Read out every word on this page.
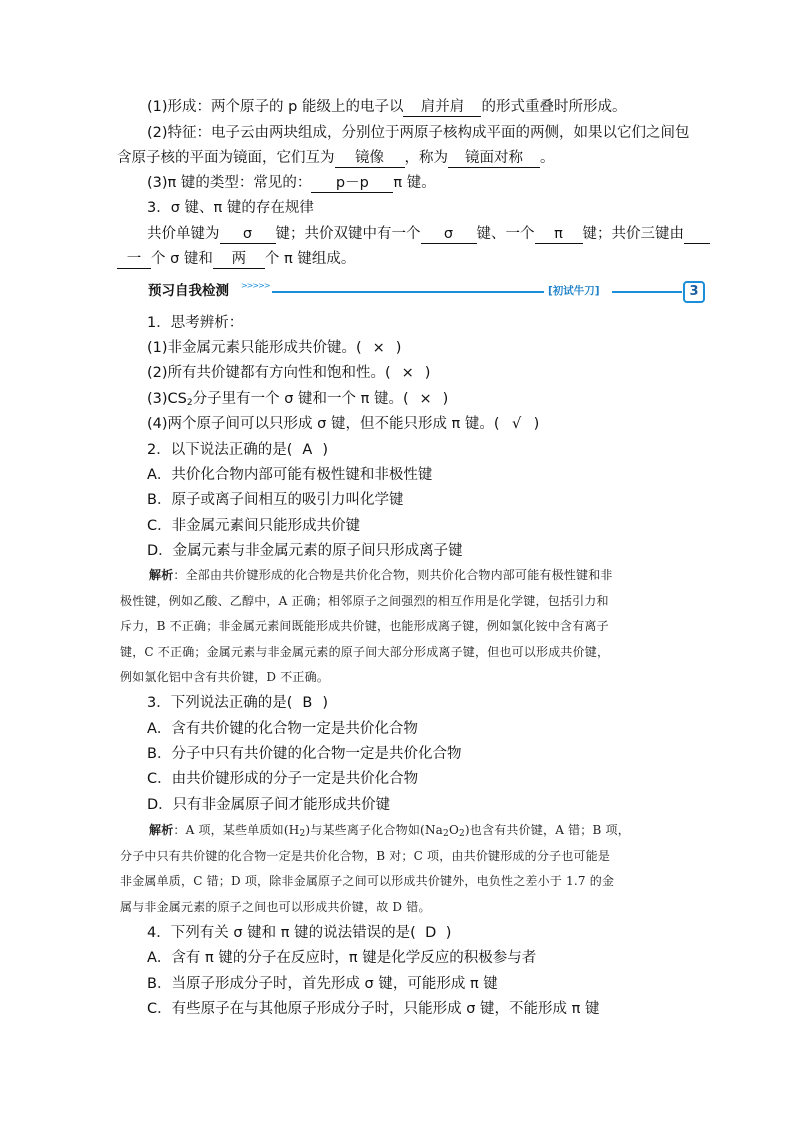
(1)形成：两个原子的 p 能级上的电子以 肩并肩 的形式重叠时所形成。
(2)特征：电子云由两块组成，分别位于两原子核构成平面的两侧，如果以它们之间包
含原子核的平面为镜面，它们互为 镜像 ，称为 镜面对称 。
(3)π 键的类型：常见的： p－p π 键。
3．σ 键、π 键的存在规律
共价单键为 σ 键；共价双键中有一个 σ 键、一个 π 键；共价三键由
一 个 σ 键和 两 个 π 键组成。
预习自我检测 >>>>>	[初试牛刀]	3
1．思考辨析：
(1)非金属元素只能形成共价键。( × )
(2)所有共价键都有方向性和饱和性。( × )
$(3)CS_2$分子里有一个 σ 键和一个 π 键。( × )
(4)两个原子间可以只形成 σ 键，但不能只形成 π 键。( √ )
2．以下说法正确的是( A )
A．共价化合物内部可能有极性键和非极性键
B．原子或离子间相互的吸引力叫化学键
C．非金属元素间只能形成共价键
D．金属元素与非金属元素的原子间只形成离子键
解析：全部由共价键形成的化合物是共价化合物，则共价化合物内部可能有极性键和非
极性键，例如乙酸、乙醇中，A 正确；相邻原子之间强烈的相互作用是化学键，包括引力和
斥力，B 不正确；非金属元素间既能形成共价键，也能形成离子键，例如氯化铵中含有离子
键，C 不正确；金属元素与非金属元素的原子间大部分形成离子键，但也可以形成共价键，
例如氯化铝中含有共价键，D 不正确。
3．下列说法正确的是( B )
A．含有共价键的化合物一定是共价化合物
B．分子中只有共价键的化合物一定是共价化合物
C．由共价键形成的分子一定是共价化合物
D．只有非金属原子间才能形成共价键
解析：A 项，某些单质如$(H_2)$与某些离子化合物如$(Na_2O_2)$也含有共价键，A 错；B 项，
分子中只有共价键的化合物一定是共价化合物，B 对；C 项，由共价键形成的分子也可能是
非金属单质，C 错；D 项，除非金属原子之间可以形成共价键外，电负性之差小于 1.7 的金
属与非金属元素的原子之间也可以形成共价键，故 D 错。
4．下列有关 σ 键和 π 键的说法错误的是( D )
A．含有 π 键的分子在反应时，π 键是化学反应的积极参与者
B．当原子形成分子时，首先形成 σ 键，可能形成 π 键
C．有些原子在与其他原子形成分子时，只能形成 σ 键，不能形成 π 键
